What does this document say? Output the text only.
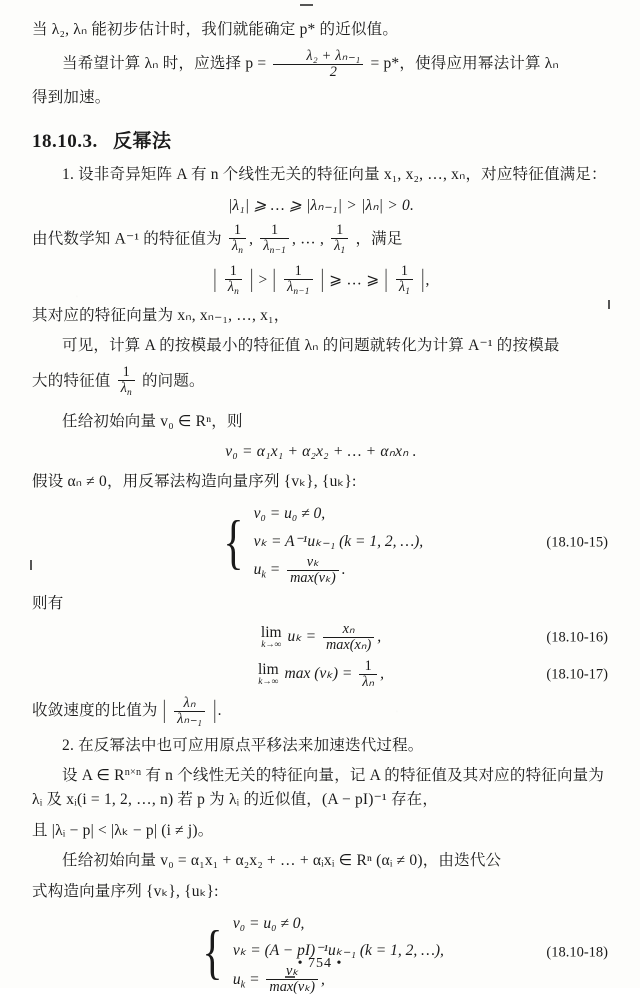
当 λ₂, λₙ 能初步估计时，我们就能确定 p* 的近似值。

当希望计算 λₙ 时，应选择 $p = \frac{\text{λ₂ + λₙ₋₁}}{2} = p*$，使得应用幂法计算 λₙ

得到加速。

18.10.3. 反幂法

1. 设非奇异矩阵 A 有 n 个线性无关的特征向量 x₁, x₂, …, xₙ，对应特征值满足：

|λ₁| ⩾ … ⩾ |λₙ₋₁| > |λₙ| > 0.

由代数学知 A⁻¹ 的特征值为 $\frac{1}{\lambda_n}$ , $\frac{1}{\lambda_{n-1}}$ , … , $\frac{1}{\lambda_1}$ ，满足

| $\frac{1}{\lambda_n}$ | > | $\frac{1}{\lambda_{n-1}}$ | ⩾ … ⩾ | $\frac{1}{\lambda_1}$ |,

其对应的特征向量为 xₙ, xₙ₋₁, …, x₁，

可见，计算 A 的按模最小的特征值 λₙ 的问题就转化为计算 A⁻¹ 的按模最

大的特征值 $\frac{1}{\lambda_n}$ 的问题。

任给初始向量 v₀ ∈ Rⁿ，则

v₀ = α₁x₁ + α₂x₂ + … + αₙxₙ .

假设 αₙ ≠ 0，用反幂法构造向量序列 {vₖ}, {uₖ}:

{ v₀ = u₀ ≠ 0,
vₖ = A⁻¹uₖ₋₁ (k = 1, 2, …),
$u_k = \frac{\text{vₖ}}{\text{max(vₖ)}}$ .
(18.10-15)

则有

lim
k→∞ $u_k = \frac{\text{xₙ}}{\text{max(xₙ)}}$ ,	(18.10-16)
lim
k→∞ $\max (v_k) = \frac{1}{\text{λₙ}}$ ,	(18.10-17)

收敛速度的比值为 | $\frac{\text{λₙ}}{\text{λₙ₋₁}}$ |.

2. 在反幂法中也可应用原点平移法来加速迭代过程。

设 A ∈ $R^{n\times n}$ 有 n 个线性无关的特征向量，记 A 的特征值及其对应的特征向量为 λᵢ 及 xᵢ(i = 1, 2, …, n) 若 p 为 λᵢ 的近似值，(A − pI)⁻¹ 存在，

且 |λᵢ − p| < |λₖ − p| (i ≠ j)。

任给初始向量 v₀ = α₁x₁ + α₂x₂ + … + αᵢxᵢ ∈ Rⁿ (αᵢ ≠ 0)，由迭代公

式构造向量序列 {vₖ}, {uₖ}:

{ v₀ = u₀ ≠ 0,
vₖ = (A − pI)⁻¹uₖ₋₁ (k = 1, 2, …),
$u_k = \frac{\text{vₖ}}{\text{max(vₖ)}}$ ,
(18.10-18)
• 754 •
